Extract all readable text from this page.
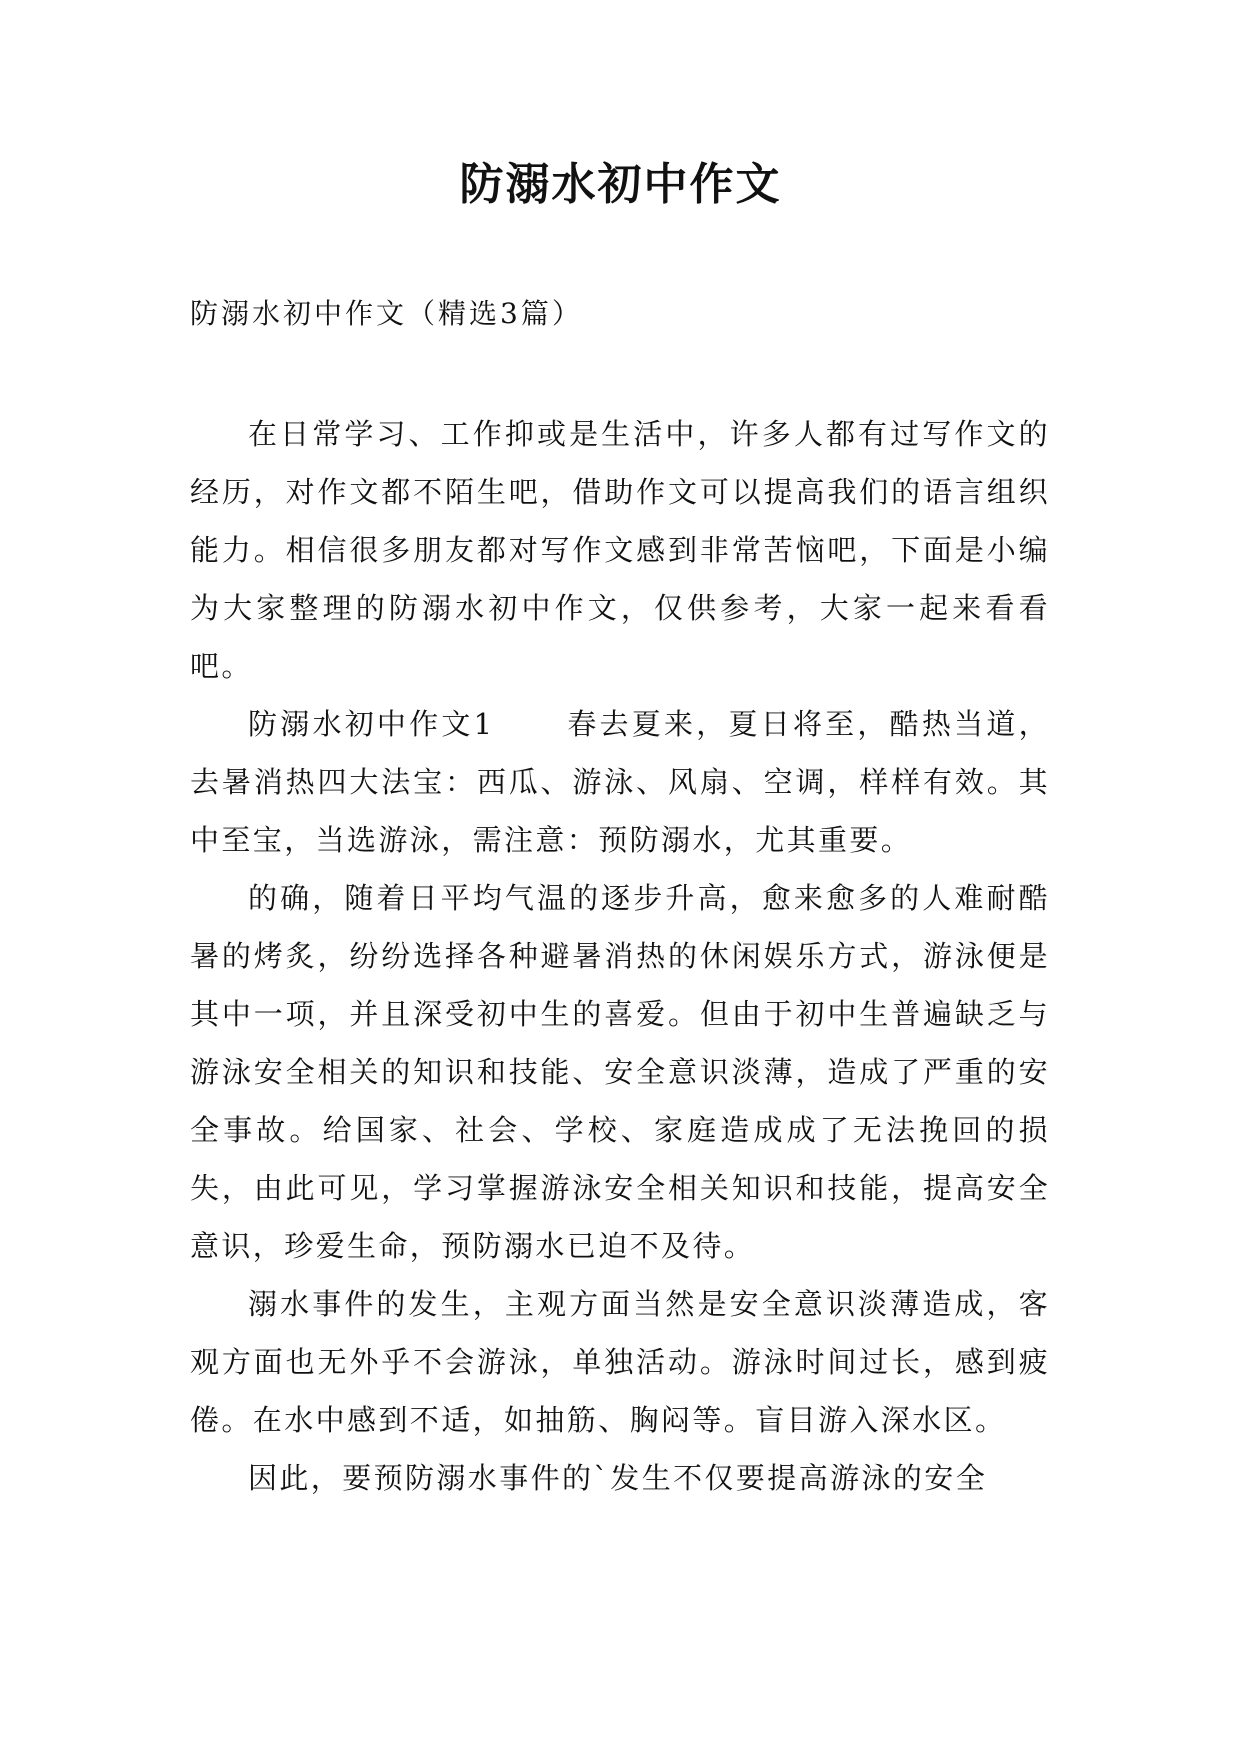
防溺水初中作文

防溺水初中作文（精选3篇）

在日常学习、工作抑或是生活中，许多人都有过写作文的经历，对作文都不陌生吧，借助作文可以提高我们的语言组织能力。相信很多朋友都对写作文感到非常苦恼吧，下面是小编为大家整理的防溺水初中作文，仅供参考，大家一起来看看吧。

防溺水初中作文1 春去夏来，夏日将至，酷热当道，去暑消热四大法宝：西瓜、游泳、风扇、空调，样样有效。其中至宝，当选游泳，需注意：预防溺水，尤其重要。

的确，随着日平均气温的逐步升高，愈来愈多的人难耐酷暑的烤炙，纷纷选择各种避暑消热的休闲娱乐方式，游泳便是其中一项，并且深受初中生的喜爱。但由于初中生普遍缺乏与游泳安全相关的知识和技能、安全意识淡薄，造成了严重的安全事故。给国家、社会、学校、家庭造成成了无法挽回的损失，由此可见，学习掌握游泳安全相关知识和技能，提高安全意识，珍爱生命，预防溺水已迫不及待。

溺水事件的发生，主观方面当然是安全意识淡薄造成，客观方面也无外乎不会游泳，单独活动。游泳时间过长，感到疲倦。在水中感到不适，如抽筋、胸闷等。盲目游入深水区。

因此，要预防溺水事件的`发生不仅要提高游泳的安全
